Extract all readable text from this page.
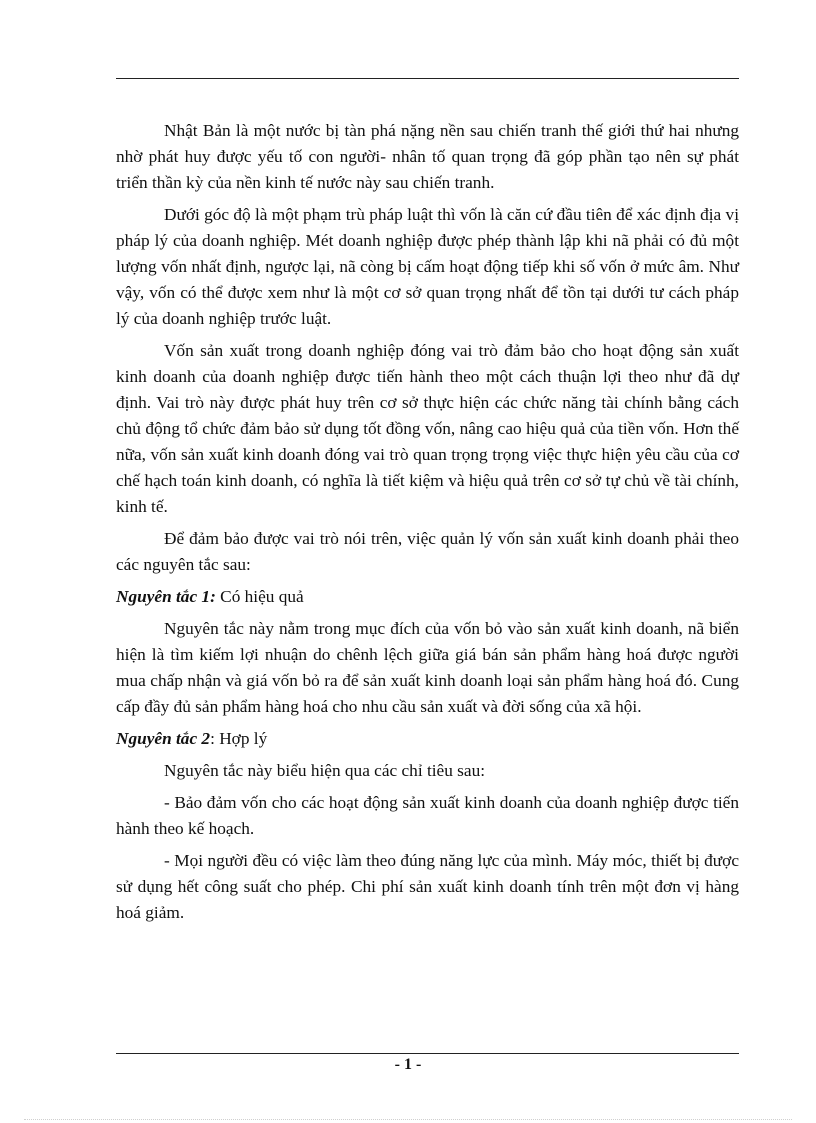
Nhật Bản là một nước bị tàn phá nặng nền sau chiến tranh thế giới thứ hai nhưng nhờ phát huy được yếu tố con người- nhân tố quan trọng đã góp phần tạo nên sự phát triển thần kỳ của nền kinh tế nước này sau chiến tranh.

Dưới góc độ là một phạm trù pháp luật thì vốn là căn cứ đầu tiên để xác định địa vị pháp lý của doanh nghiệp. Mét doanh nghiệp được phép thành lập khi nã phải có đủ một lượng vốn nhất định, ngược lại, nã còng bị cấm hoạt động tiếp khi số vốn ở mức âm. Như vậy, vốn có thể được xem như là một cơ sở quan trọng nhất để tồn tại dưới tư cách pháp lý của doanh nghiệp trước luật.

Vốn sản xuất trong doanh nghiệp đóng vai trò đảm bảo cho hoạt động sản xuất kinh doanh của doanh nghiệp được tiến hành theo một cách thuận lợi theo như đã dự định. Vai trò này được phát huy trên cơ sở thực hiện các chức năng tài chính bằng cách chủ động tổ chức đảm bảo sử dụng tốt đồng vốn, nâng cao hiệu quả của tiền vốn. Hơn thế nữa, vốn sản xuất kinh doanh đóng vai trò quan trọng trọng việc thực hiện yêu cầu của cơ chế hạch toán kinh doanh, có nghĩa là tiết kiệm và hiệu quả trên cơ sở tự chủ về tài chính, kinh tế.

Để đảm bảo được vai trò nói trên, việc quản lý vốn sản xuất kinh doanh phải theo các nguyên tắc sau:

Nguyên tắc 1: Có hiệu quả

Nguyên tắc này nằm trong mục đích của vốn bỏ vào sản xuất kinh doanh, nã biển hiện là tìm kiếm lợi nhuận do chênh lệch giữa giá bán sản phẩm hàng hoá được người mua chấp nhận và giá vốn bỏ ra để sản xuất kinh doanh loại sản phẩm hàng hoá đó. Cung cấp đầy đủ sản phẩm hàng hoá cho nhu cầu sản xuất và đời sống của xã hội.

Nguyên tắc 2: Hợp lý

Nguyên tắc này biểu hiện qua các chỉ tiêu sau:

- Bảo đảm vốn cho các hoạt động sản xuất kinh doanh của doanh nghiệp được tiến hành theo kế hoạch.

- Mọi người đều có việc làm theo đúng năng lực của mình. Máy móc, thiết bị được sử dụng hết công suất cho phép. Chi phí sản xuất kinh doanh tính trên một đơn vị hàng hoá giảm.

- 1 -
